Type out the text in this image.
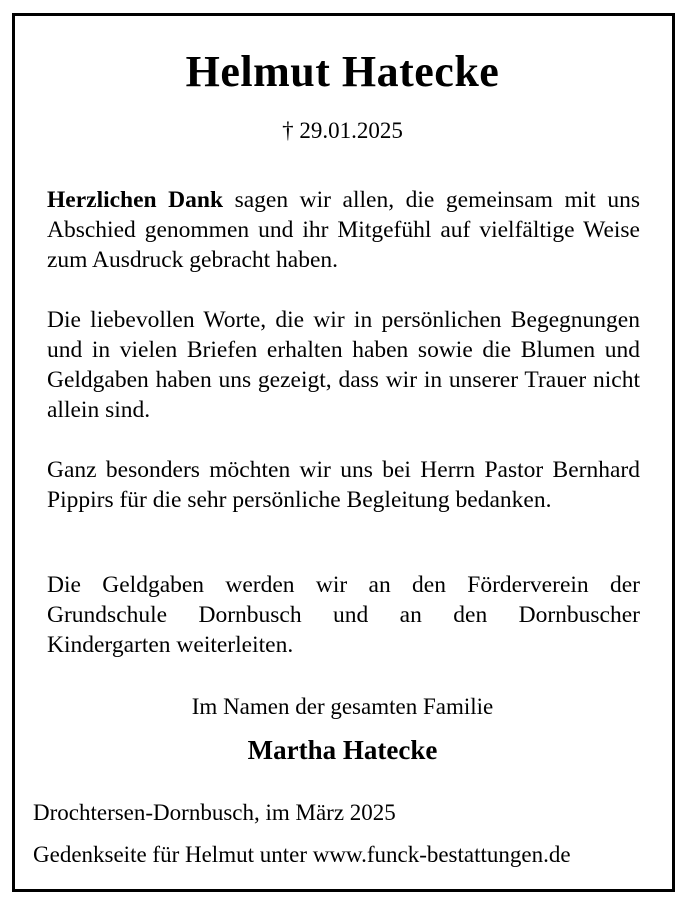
Helmut Hatecke
† 29.01.2025

Herzlichen Dank sagen wir allen, die gemeinsam mit uns Abschied genommen und ihr Mitgefühl auf vielfältige Weise zum Ausdruck gebracht haben.

Die liebevollen Worte, die wir in persönlichen Begegnungen und in vielen Briefen erhalten haben sowie die Blumen und Geldgaben haben uns gezeigt, dass wir in unserer Trauer nicht allein sind.

Ganz besonders möchten wir uns bei Herrn Pastor Bernhard Pippirs für die sehr persönliche Begleitung bedanken.

Die Geldgaben werden wir an den Förderverein der Grundschule Dornbusch und an den Dornbuscher Kindergarten weiterleiten.

Im Namen der gesamten Familie
Martha Hatecke
Drochtersen-Dornbusch, im März 2025
Gedenkseite für Helmut unter www.funck-bestattungen.de
